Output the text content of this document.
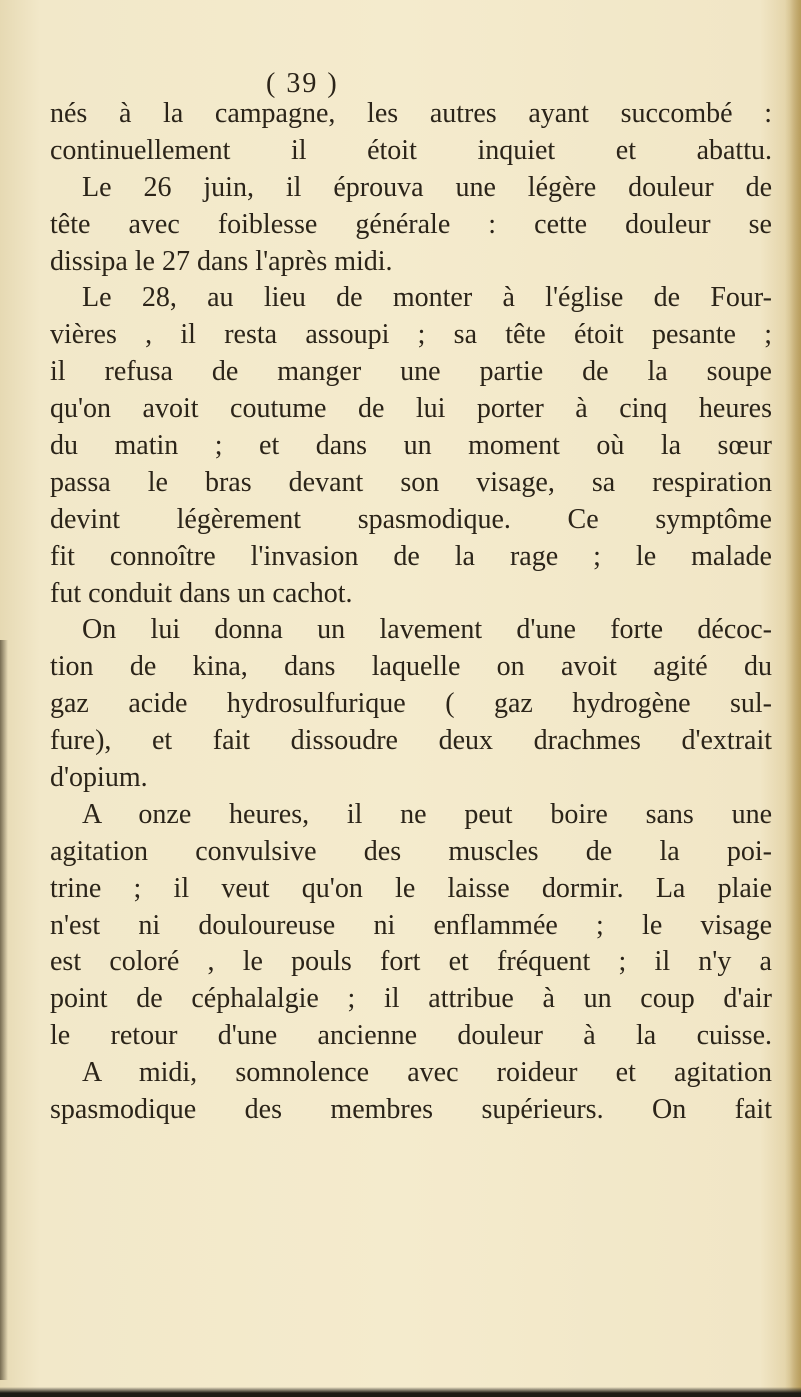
( 39 )
nés à la campagne, les autres ayant succombé :
continuellement il étoit inquiet et abattu.
Le 26 juin, il éprouva une légère douleur de
tête avec foiblesse générale : cette douleur se
dissipa le 27 dans l'après midi.
Le 28, au lieu de monter à l'église de Four-
vières , il resta assoupi ; sa tête étoit pesante ;
il refusa de manger une partie de la soupe
qu'on avoit coutume de lui porter à cinq heures
du matin ; et dans un moment où la sœur
passa le bras devant son visage, sa respiration
devint légèrement spasmodique. Ce symptôme
fit connoître l'invasion de la rage ; le malade
fut conduit dans un cachot.
On lui donna un lavement d'une forte décoc-
tion de kina, dans laquelle on avoit agité du
gaz acide hydrosulfurique ( gaz hydrogène sul-
fure), et fait dissoudre deux drachmes d'extrait
d'opium.
A onze heures, il ne peut boire sans une
agitation convulsive des muscles de la poi-
trine ; il veut qu'on le laisse dormir. La plaie
n'est ni douloureuse ni enflammée ; le visage
est coloré , le pouls fort et fréquent ; il n'y a
point de céphalalgie ; il attribue à un coup d'air
le retour d'une ancienne douleur à la cuisse.
A midi, somnolence avec roideur et agitation
spasmodique des membres supérieurs. On fait
